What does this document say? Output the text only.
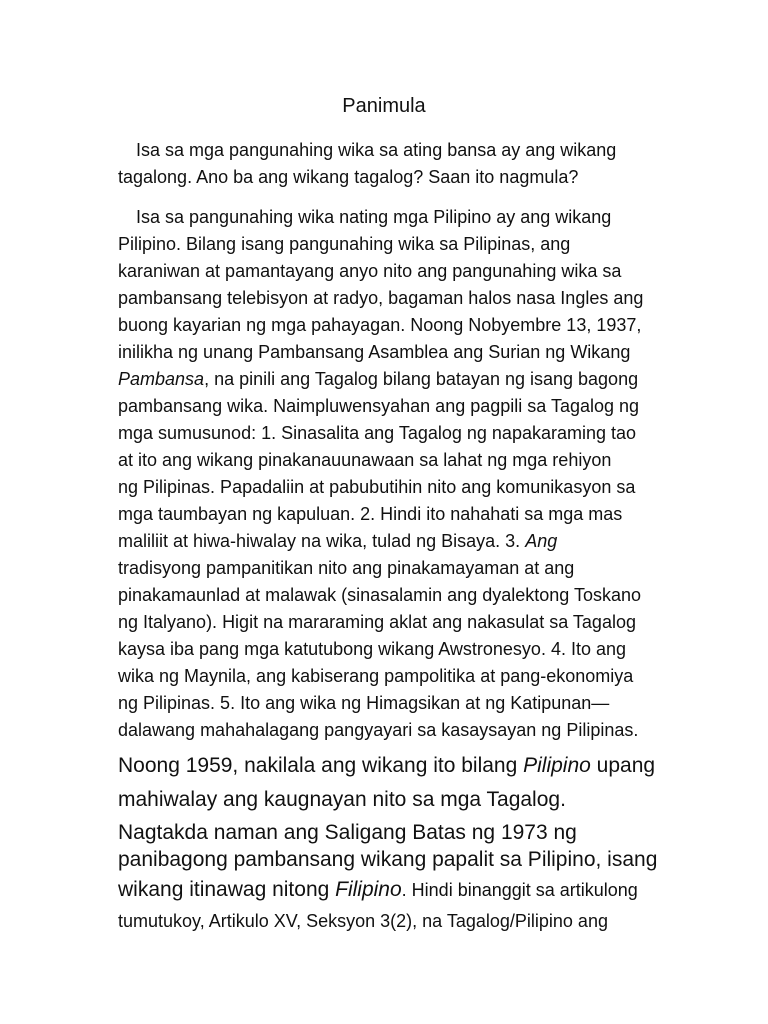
Panimula

Isa sa mga pangunahing wika sa ating bansa ay ang wikang

tagalong. Ano ba ang wikang tagalog? Saan ito nagmula?

Isa sa pangunahing wika nating mga Pilipino ay ang wikang

Pilipino. Bilang isang pangunahing wika sa Pilipinas, ang

karaniwan at pamantayang anyo nito ang pangunahing wika sa

pambansang telebisyon at radyo, bagaman halos nasa Ingles ang

buong kayarian ng mga pahayagan. Noong Nobyembre 13, 1937,

inilikha ng unang Pambansang Asamblea ang Surian ng Wikang

Pambansa, na pinili ang Tagalog bilang batayan ng isang bagong

pambansang wika. Naimpluwensyahan ang pagpili sa Tagalog ng

mga sumusunod: 1. Sinasalita ang Tagalog ng napakaraming tao

at ito ang wikang pinakanauunawaan sa lahat ng mga rehiyon

ng Pilipinas. Papadaliin at pabubutihin nito ang komunikasyon sa

mga taumbayan ng kapuluan. 2. Hindi ito nahahati sa mga mas

maliliit at hiwa-hiwalay na wika, tulad ng Bisaya. 3. Ang

tradisyong pampanitikan nito ang pinakamayaman at ang

pinakamaunlad at malawak (sinasalamin ang dyalektong Toskano

ng Italyano). Higit na mararaming aklat ang nakasulat sa Tagalog

kaysa iba pang mga katutubong wikang Awstronesyo. 4. Ito ang

wika ng Maynila, ang kabiserang pampolitika at pang-ekonomiya

ng Pilipinas. 5. Ito ang wika ng Himagsikan at ng Katipunan—

dalawang mahahalagang pangyayari sa kasaysayan ng Pilipinas.

Noong 1959, nakilala ang wikang ito bilang Pilipino upang

mahiwalay ang kaugnayan nito sa mga Tagalog.

Nagtakda naman ang Saligang Batas ng 1973 ng

panibagong pambansang wikang papalit sa Pilipino, isang

wikang itinawag nitong Filipino. Hindi binanggit sa artikulong

tumutukoy, Artikulo XV, Seksyon 3(2), na Tagalog/Pilipino ang
